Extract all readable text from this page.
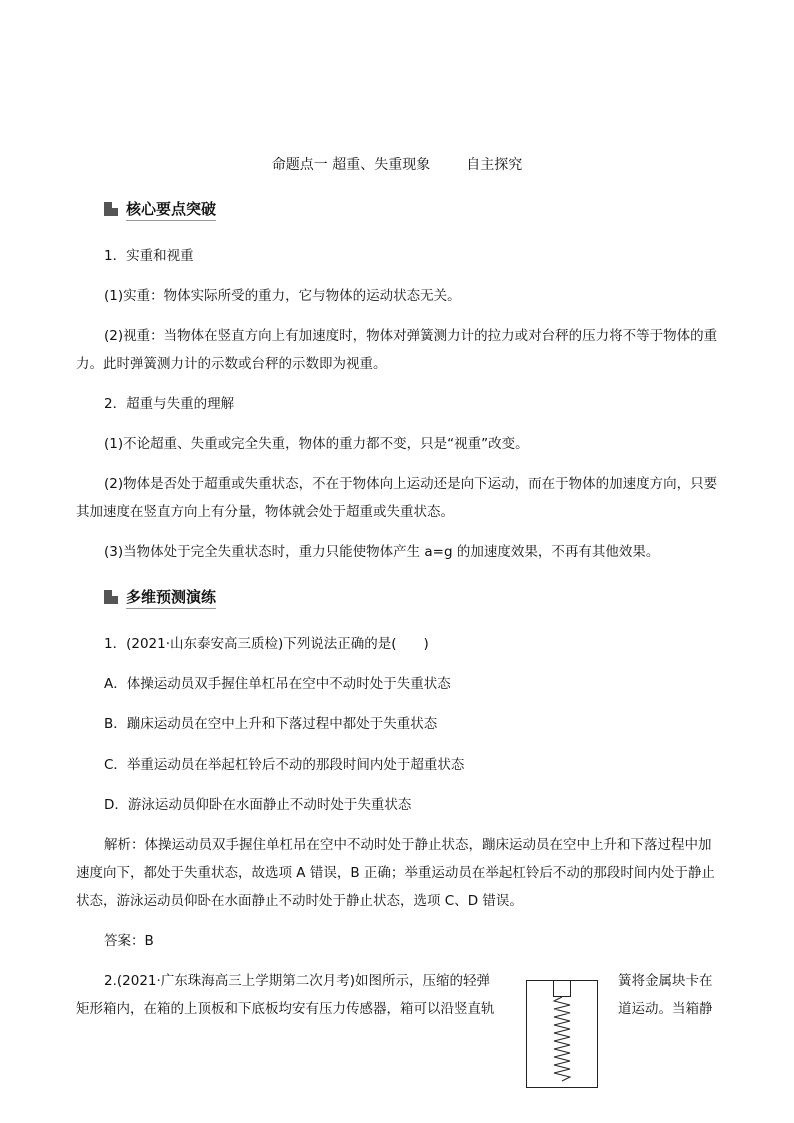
命题点一 超重、失重现象	自主探究
核心要点突破
1．实重和视重
(1)实重：物体实际所受的重力，它与物体的运动状态无关。
(2)视重：当物体在竖直方向上有加速度时，物体对弹簧测力计的拉力或对台秤的压力将不等于物体的重力。此时弹簧测力计的示数或台秤的示数即为视重。
2．超重与失重的理解
(1)不论超重、失重或完全失重，物体的重力都不变，只是“视重”改变。
(2)物体是否处于超重或失重状态，不在于物体向上运动还是向下运动，而在于物体的加速度方向，只要其加速度在竖直方向上有分量，物体就会处于超重或失重状态。
(3)当物体处于完全失重状态时，重力只能使物体产生 a=g 的加速度效果，不再有其他效果。
多维预测演练
1．(2021·山东泰安高三质检)下列说法正确的是(　　)
A．体操运动员双手握住单杠吊在空中不动时处于失重状态
B．蹦床运动员在空中上升和下落过程中都处于失重状态
C．举重运动员在举起杠铃后不动的那段时间内处于超重状态
D．游泳运动员仰卧在水面静止不动时处于失重状态
解析：体操运动员双手握住单杠吊在空中不动时处于静止状态，蹦床运动员在空中上升和下落过程中加速度向下，都处于失重状态，故选项 A 错误，B 正确；举重运动员在举起杠铃后不动的那段时间内处于静止状态，游泳运动员仰卧在水面静止不动时处于静止状态，选项 C、D 错误。
答案：B
2.(2021·广东珠海高三上学期第二次月考)如图所示，压缩的轻弹	簧将金属块卡在
矩形箱内，在箱的上顶板和下底板均安有压力传感器，箱可以沿竖直轨	道运动。当箱静
